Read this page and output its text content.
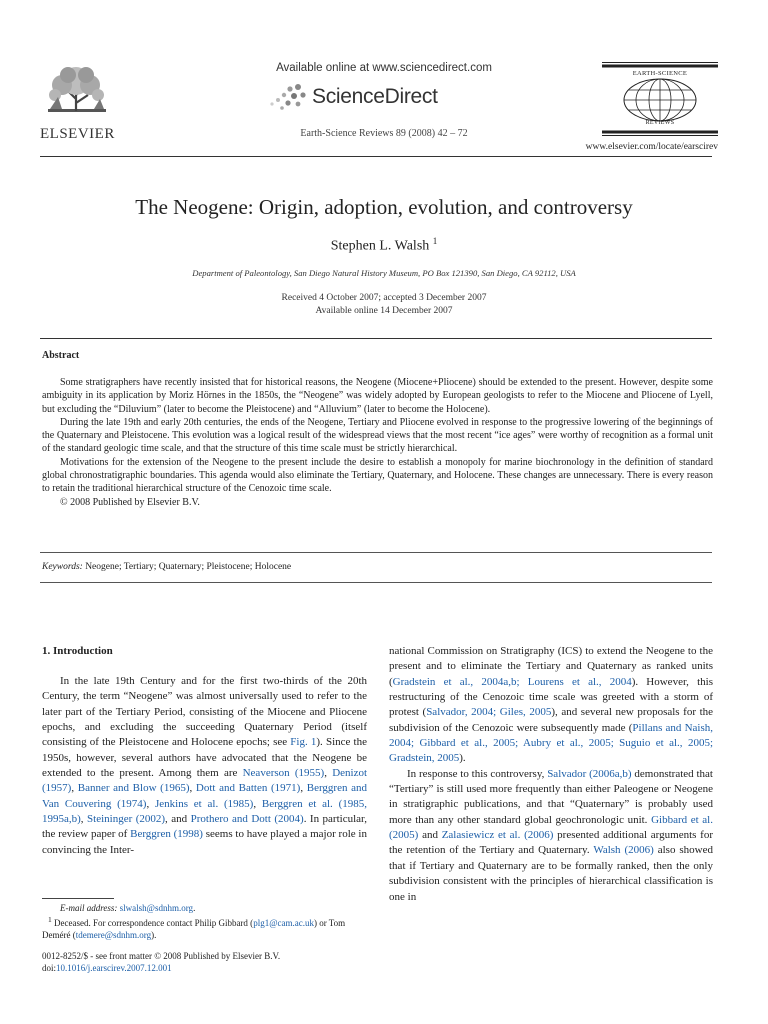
ELSEVIER
Available online at www.sciencedirect.com
ScienceDirect
Earth-Science Reviews 89 (2008) 42 – 72
EARTH-SCIENCE
REVIEWS
www.elsevier.com/locate/earscirev
The Neogene: Origin, adoption, evolution, and controversy
Stephen L. Walsh $^1$
Department of Paleontology, San Diego Natural History Museum, PO Box 121390, San Diego, CA 92112, USA
Received 4 October 2007; accepted 3 December 2007
Available online 14 December 2007
Abstract

Some stratigraphers have recently insisted that for historical reasons, the Neogene (Miocene+Pliocene) should be extended to the present. However, despite some ambiguity in its application by Moriz Hörnes in the 1850s, the “Neogene” was widely adopted by European geologists to refer to the Miocene and Pliocene of Lyell, but excluding the “Diluvium” (later to become the Pleistocene) and “Alluvium” (later to become the Holocene).

During the late 19th and early 20th centuries, the ends of the Neogene, Tertiary and Pliocene evolved in response to the progressive lowering of the beginnings of the Quaternary and Pleistocene. This evolution was a logical result of the widespread views that the most recent “ice ages” were worthy of recognition as a formal unit of the standard geologic time scale, and that the structure of this time scale must be strictly hierarchical.

Motivations for the extension of the Neogene to the present include the desire to establish a monopoly for marine biochronology in the definition of standard global chronostratigraphic boundaries. This agenda would also eliminate the Tertiary, Quaternary, and Holocene. These changes are unnecessary. There is every reason to retain the traditional hierarchical structure of the Cenozoic time scale.

© 2008 Published by Elsevier B.V.

Keywords: Neogene; Tertiary; Quaternary; Pleistocene; Holocene
1. Introduction

In the late 19th Century and for the first two-thirds of the 20th Century, the term “Neogene” was almost universally used to refer to the later part of the Tertiary Period, consisting of the Miocene and Pliocene epochs, and excluding the succeeding Quaternary Period (itself consisting of the Pleistocene and Holocene epochs; see Fig. 1). Since the 1950s, however, several authors have advocated that the Neogene be extended to the present. Among them are Neaverson (1955), Denizot (1957), Banner and Blow (1965), Dott and Batten (1971), Berggren and Van Couvering (1974), Jenkins et al. (1985), Berggren et al. (1985, 1995a,b), Steininger (2002), and Prothero and Dott (2004). In particular, the review paper of Berggren (1998) seems to have played a major role in convincing the Inter-

national Commission on Stratigraphy (ICS) to extend the Neogene to the present and to eliminate the Tertiary and Quaternary as ranked units (Gradstein et al., 2004a,b; Lourens et al., 2004). However, this restructuring of the Cenozoic time scale was greeted with a storm of protest (Salvador, 2004; Giles, 2005), and several new proposals for the subdivision of the Cenozoic were subsequently made (Pillans and Naish, 2004; Gibbard et al., 2005; Aubry et al., 2005; Suguio et al., 2005; Gradstein, 2005).

In response to this controversy, Salvador (2006a,b) demonstrated that “Tertiary” is still used more frequently than either Paleogene or Neogene in stratigraphic publications, and that “Quaternary” is probably used more than any other standard global geochronologic unit. Gibbard et al. (2005) and Zalasiewicz et al. (2006) presented additional arguments for the retention of the Tertiary and Quaternary. Walsh (2006) also showed that if Tertiary and Quaternary are to be formally ranked, then the only subdivision consistent with the principles of hierarchical classification is one in

E-mail address: slwalsh@sdnhm.org.
$^1$ Deceased. For correspondence contact Philip Gibbard (plg1@cam.ac.uk) or Tom Deméré (tdemere@sdnhm.org).
0012-8252/$ - see front matter © 2008 Published by Elsevier B.V.
doi:10.1016/j.earscirev.2007.12.001
